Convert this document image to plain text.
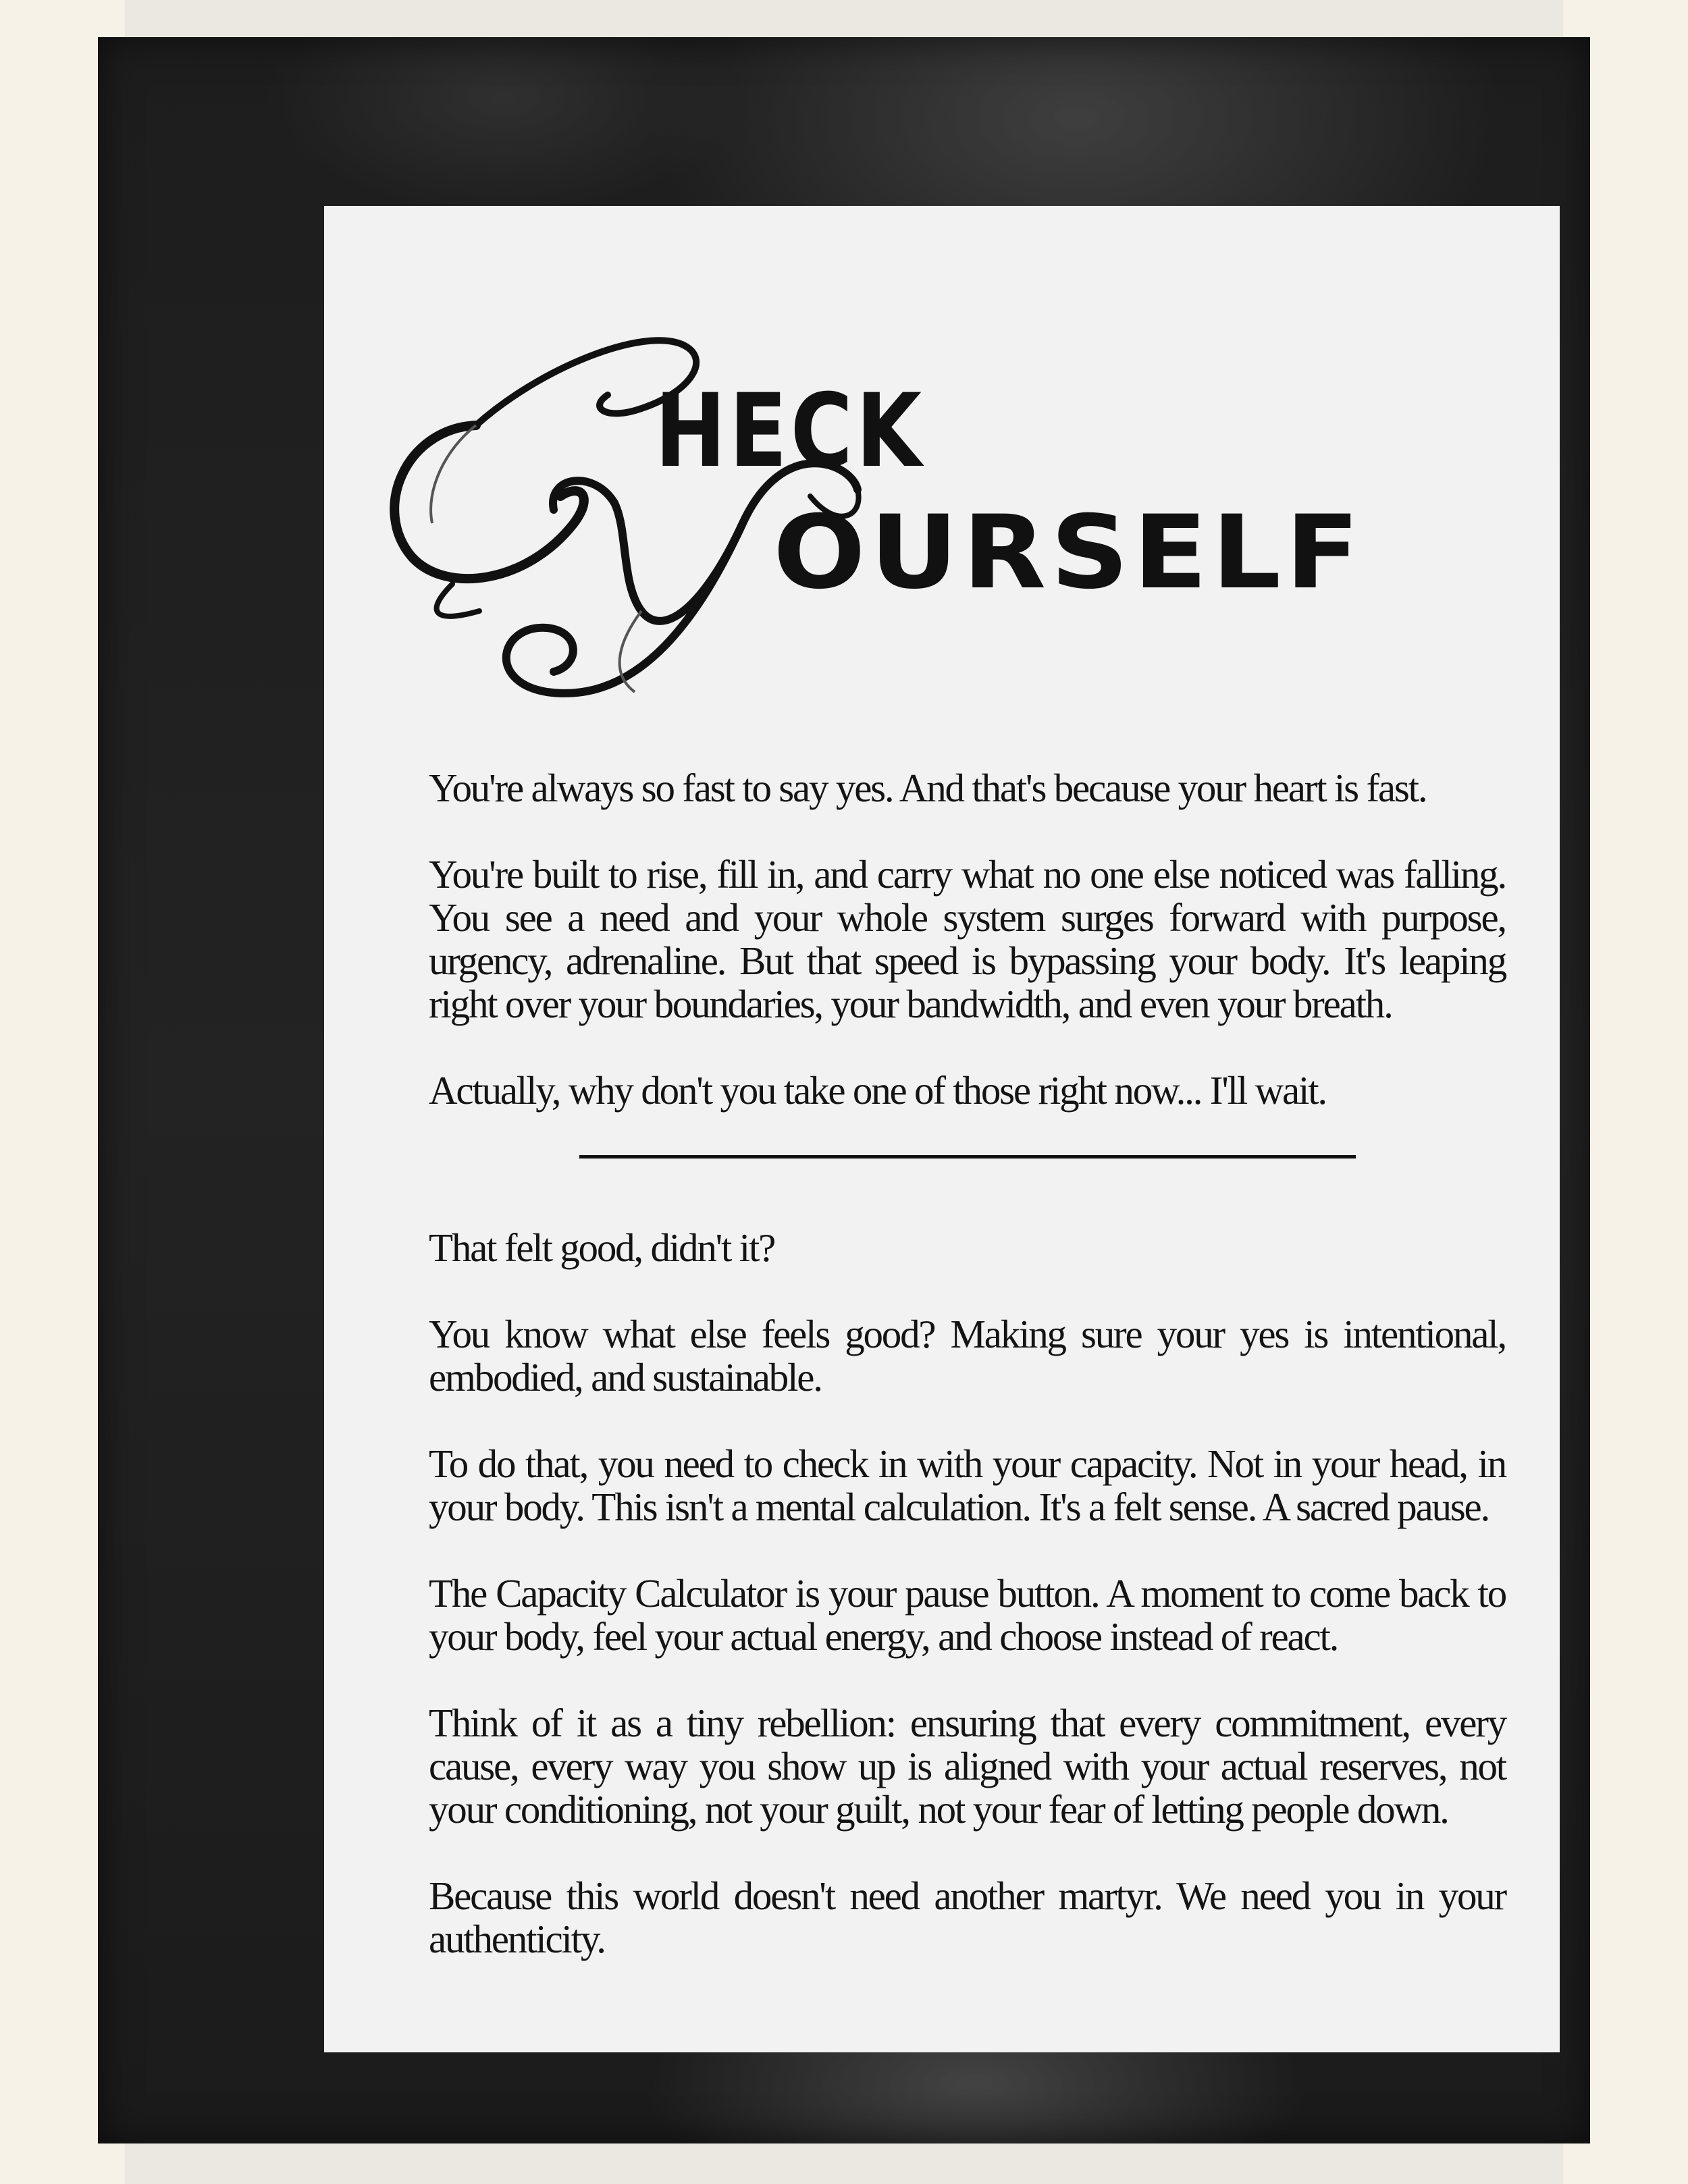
HECK
OURSELF

You're always so fast to say yes. And that's because your heart is fast.

You're built to rise, fill in, and carry what no one else noticed was falling. You see a need and your whole system surges forward with purpose, urgency, adrenaline. But that speed is bypassing your body. It's leaping right over your boundaries, your bandwidth, and even your breath.

Actually, why don't you take one of those right now... I'll wait.

That felt good, didn't it?

You know what else feels good? Making sure your yes is intentional, embodied, and sustainable.

To do that, you need to check in with your capacity. Not in your head, in your body. This isn't a mental calculation. It's a felt sense. A sacred pause.

The Capacity Calculator is your pause button. A moment to come back to your body, feel your actual energy, and choose instead of react.

Think of it as a tiny rebellion: ensuring that every commitment, every cause, every way you show up is aligned with your actual reserves, not your conditioning, not your guilt, not your fear of letting people down.

Because this world doesn't need another martyr. We need you in your authenticity.
